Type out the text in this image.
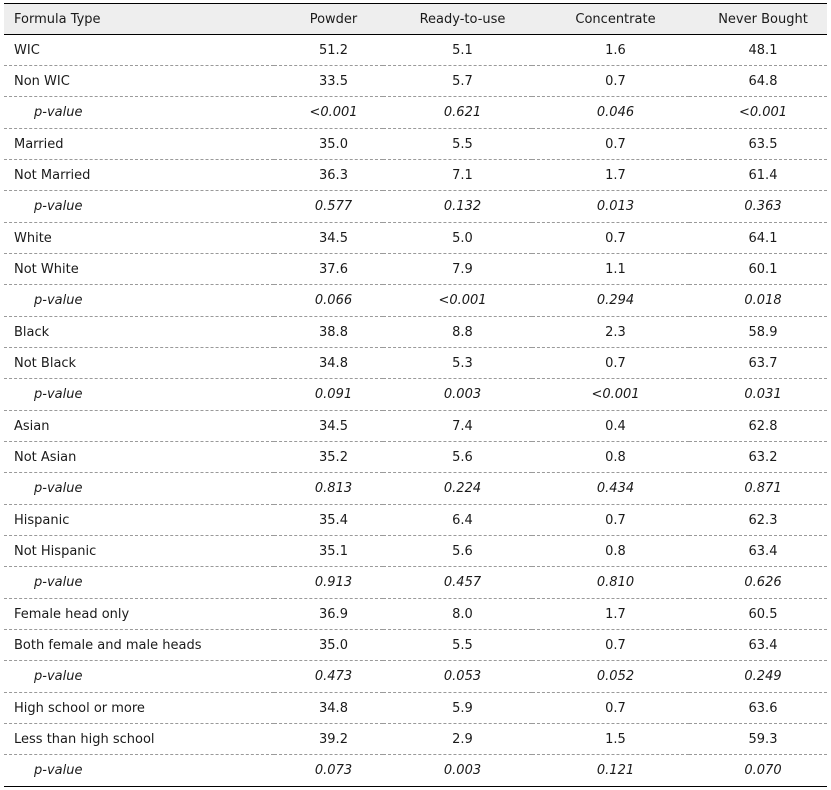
Formula Type	Powder	Ready-to-use	Concentrate	Never Bought
WIC	51.2	5.1	1.6	48.1
Non WIC	33.5	5.7	0.7	64.8
p-value	<0.001	0.621	0.046	<0.001
Married	35.0	5.5	0.7	63.5
Not Married	36.3	7.1	1.7	61.4
p-value	0.577	0.132	0.013	0.363
White	34.5	5.0	0.7	64.1
Not White	37.6	7.9	1.1	60.1
p-value	0.066	<0.001	0.294	0.018
Black	38.8	8.8	2.3	58.9
Not Black	34.8	5.3	0.7	63.7
p-value	0.091	0.003	<0.001	0.031
Asian	34.5	7.4	0.4	62.8
Not Asian	35.2	5.6	0.8	63.2
p-value	0.813	0.224	0.434	0.871
Hispanic	35.4	6.4	0.7	62.3
Not Hispanic	35.1	5.6	0.8	63.4
p-value	0.913	0.457	0.810	0.626
Female head only	36.9	8.0	1.7	60.5
Both female and male heads	35.0	5.5	0.7	63.4
p-value	0.473	0.053	0.052	0.249
High school or more	34.8	5.9	0.7	63.6
Less than high school	39.2	2.9	1.5	59.3
p-value	0.073	0.003	0.121	0.070
